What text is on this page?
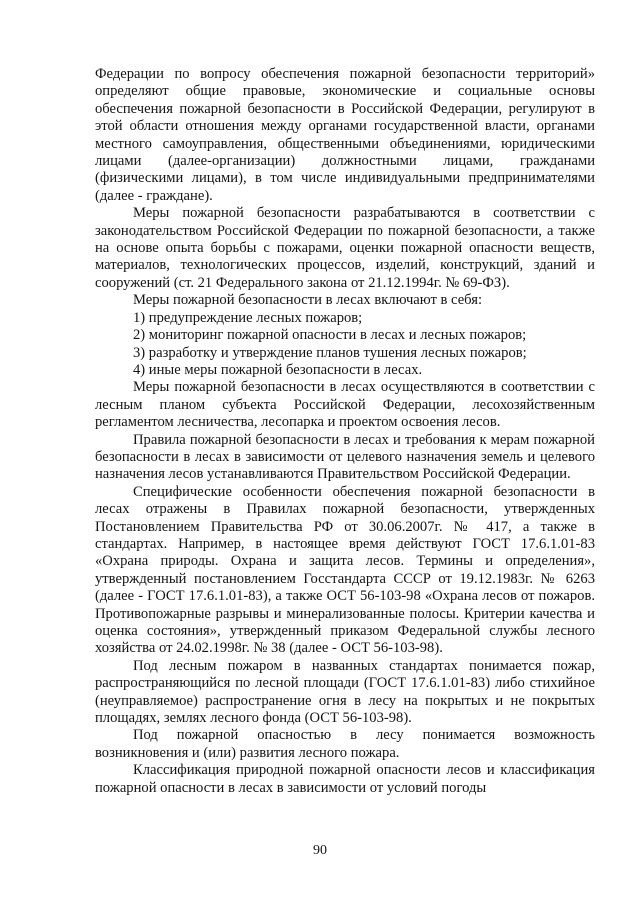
Федерации по вопросу обеспечения пожарной безопасности территорий» определяют общие правовые, экономические и социальные основы обеспечения пожарной безопасности в Российской Федерации, регулируют в этой области отношения между органами государственной власти, органами местного самоуправления, общественными объединениями, юридическими лицами (далее-организации) должностными лицами, гражданами (физическими лицами), в том числе индивидуальными предпринимателями (далее - граждане).

Меры пожарной безопасности разрабатываются в соответствии с законодательством Российской Федерации по пожарной безопасности, а также на основе опыта борьбы с пожарами, оценки пожарной опасности веществ, материалов, технологических процессов, изделий, конструкций, зданий и сооружений (ст. 21 Федерального закона от 21.12.1994г. № 69-ФЗ).

Меры пожарной безопасности в лесах включают в себя:

1) предупреждение лесных пожаров;

2) мониторинг пожарной опасности в лесах и лесных пожаров;

3) разработку и утверждение планов тушения лесных пожаров;

4) иные меры пожарной безопасности в лесах.

Меры пожарной безопасности в лесах осуществляются в соответствии с лесным планом субъекта Российской Федерации, лесохозяйственным регламентом лесничества, лесопарка и проектом освоения лесов.

Правила пожарной безопасности в лесах и требования к мерам пожарной безопасности в лесах в зависимости от целевого назначения земель и целевого назначения лесов устанавливаются Правительством Российской Федерации.

Специфические особенности обеспечения пожарной безопасности в лесах отражены в Правилах пожарной безопасности, утвержденных Постановлением Правительства РФ от 30.06.2007г. № 417, а также в стандартах. Например, в настоящее время действуют ГОСТ 17.6.1.01-83 «Охрана природы. Охрана и защита лесов. Термины и определения», утвержденный постановлением Госстандарта СССР от 19.12.1983г. № 6263 (далее - ГОСТ 17.6.1.01-83), а также ОСТ 56-103-98 «Охрана лесов от пожаров. Противопожарные разрывы и минерализованные полосы. Критерии качества и оценка состояния», утвержденный приказом Федеральной службы лесного хозяйства от 24.02.1998г. № 38 (далее - ОСТ 56-103-98).

Под лесным пожаром в названных стандартах понимается пожар, распространяющийся по лесной площади (ГОСТ 17.6.1.01-83) либо стихийное (неуправляемое) распространение огня в лесу на покрытых и не покрытых площадях, землях лесного фонда (ОСТ 56-103-98).

Под пожарной опасностью в лесу понимается возможность возникновения и (или) развития лесного пожара.

Классификация природной пожарной опасности лесов и классификация пожарной опасности в лесах в зависимости от условий погоды

90
